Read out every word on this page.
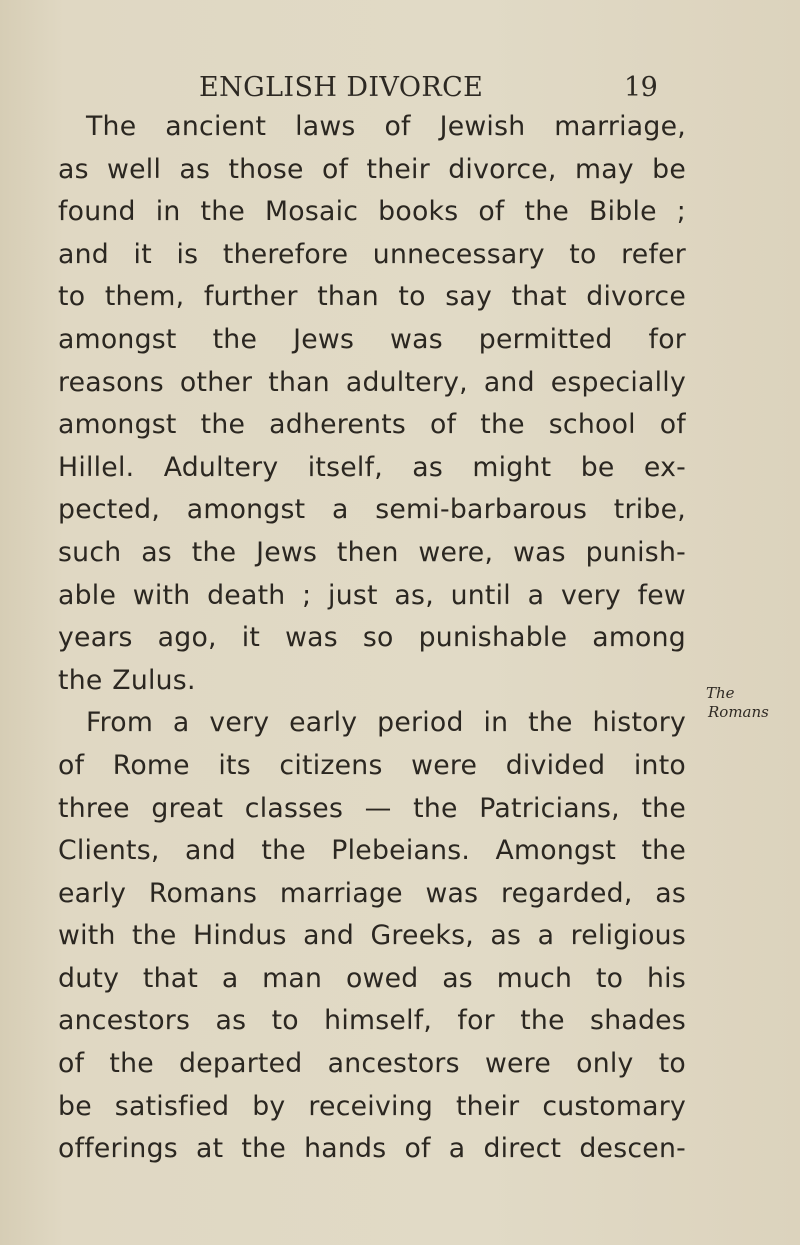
ENGLISH DIVORCE	19
The ancient laws of Jewish marriage,
as well as those of their divorce, may be
found in the Mosaic books of the Bible ;
and it is therefore unnecessary to refer
to them, further than to say that divorce
amongst the Jews was permitted for
reasons other than adultery, and especially
amongst the adherents of the school of
Hillel. Adultery itself, as might be ex-
pected, amongst a semi-barbarous tribe,
such as the Jews then were, was punish-
able with death ; just as, until a very few
years ago, it was so punishable among
the Zulus.
From a very early period in the history
of Rome its citizens were divided into
three great classes — the Patricians, the
Clients, and the Plebeians. Amongst the
early Romans marriage was regarded, as
with the Hindus and Greeks, as a religious
duty that a man owed as much to his
ancestors as to himself, for the shades
of the departed ancestors were only to
be satisfied by receiving their customary
offerings at the hands of a direct descen-
The
Romans
